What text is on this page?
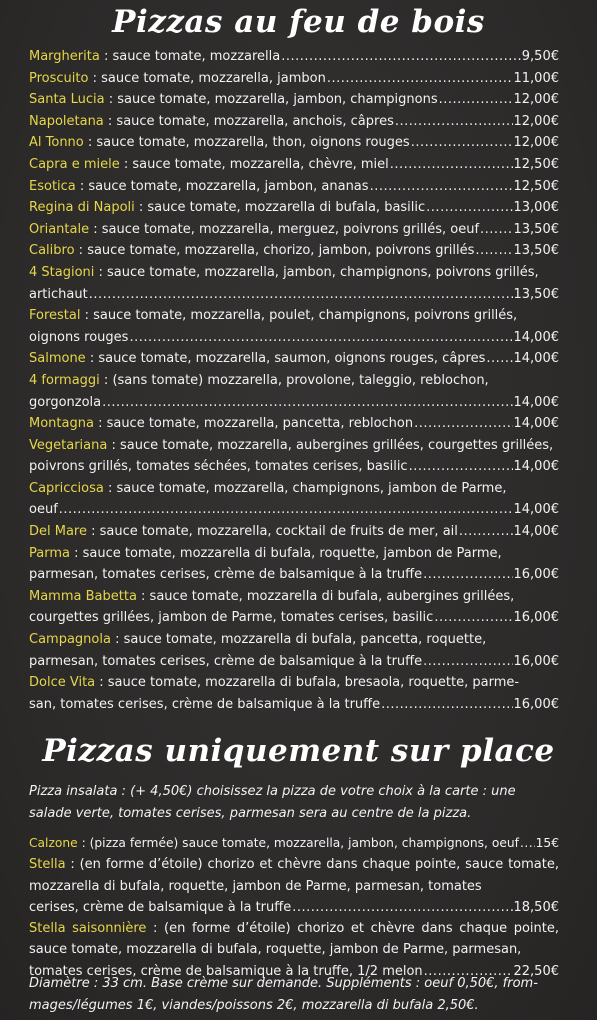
Pizzas au feu de bois
Margherita : sauce tomate, mozzarella .....	9,50€
Proscuito : sauce tomate, mozzarella, jambon .....	11,00€
Santa Lucia : sauce tomate, mozzarella, jambon, champignons .....	12,00€
Napoletana : sauce tomate, mozzarella, anchois, câpres .....	12,00€
Al Tonno : sauce tomate, mozzarella, thon, oignons rouges .....	12,00€
Capra e miele : sauce tomate, mozzarella, chèvre, miel .....	12,50€
Esotica : sauce tomate, mozzarella, jambon, ananas .....	12,50€
Regina di Napoli : sauce tomate, mozzarella di bufala, basilic .....	13,00€
Oriantale : sauce tomate, mozzarella, merguez, poivrons grillés, oeuf .....	13,50€
Calibro : sauce tomate, mozzarella, chorizo, jambon, poivrons grillés .....	13,50€
4 Stagioni : sauce tomate, mozzarella, jambon, champignons, poivrons grillés,
artichaut .....	13,50€
Forestal : sauce tomate, mozzarella, poulet, champignons, poivrons grillés,
oignons rouges .....	14,00€
Salmone : sauce tomate, mozzarella, saumon, oignons rouges, câpres ..... 14,00€
4 formaggi : (sans tomate) mozzarella, provolone, taleggio, reblochon,
gorgonzola .....	14,00€
Montagna : sauce tomate, mozzarella, pancetta, reblochon .....	14,00€
Vegetariana : sauce tomate, mozzarella, aubergines grillées, courgettes grillées,
poivrons grillés, tomates séchées, tomates cerises, basilic .....	14,00€
Capricciosa : sauce tomate, mozzarella, champignons, jambon de Parme,
oeuf .....	14,00€
Del Mare : sauce tomate, mozzarella, cocktail de fruits de mer, ail .....	14,00€
Parma : sauce tomate, mozzarella di bufala, roquette, jambon de Parme,
parmesan, tomates cerises, crème de balsamique à la truffe .....	16,00€
Mamma Babetta : sauce tomate, mozzarella di bufala, aubergines grillées,
courgettes grillées, jambon de Parme, tomates cerises, basilic .....	16,00€
Campagnola : sauce tomate, mozzarella di bufala, pancetta, roquette,
parmesan, tomates cerises, crème de balsamique à la truffe .....	16,00€
Dolce Vita : sauce tomate, mozzarella di bufala, bresaola, roquette, parme-
san, tomates cerises, crème de balsamique à la truffe .....	16,00€
Pizzas uniquement sur place
Pizza insalata : (+ 4,50€) choisissez la pizza de votre choix à la carte : une salade verte, tomates cerises, parmesan sera au centre de la pizza.
Calzone : (pizza fermée) sauce tomate, mozzarella, jambon, champignons, oeuf ..... 15€
Stella : (en forme d’étoile) chorizo et chèvre dans chaque pointe, sauce tomate, mozzarella di bufala, roquette, jambon de Parme, parmesan, tomates
cerises, crème de balsamique à la truffe .....	18,50€
Stella saisonnière : (en forme d’étoile) chorizo et chèvre dans chaque pointe, sauce tomate, mozzarella di bufala, roquette, jambon de Parme, parmesan,
tomates cerises, crème de balsamique à la truffe, 1/2 melon .....	22,50€
Diamètre : 33 cm. Base crème sur demande. Suppléments : oeuf 0,50€, from-mages/légumes 1€, viandes/poissons 2€, mozzarella di bufala 2,50€.
